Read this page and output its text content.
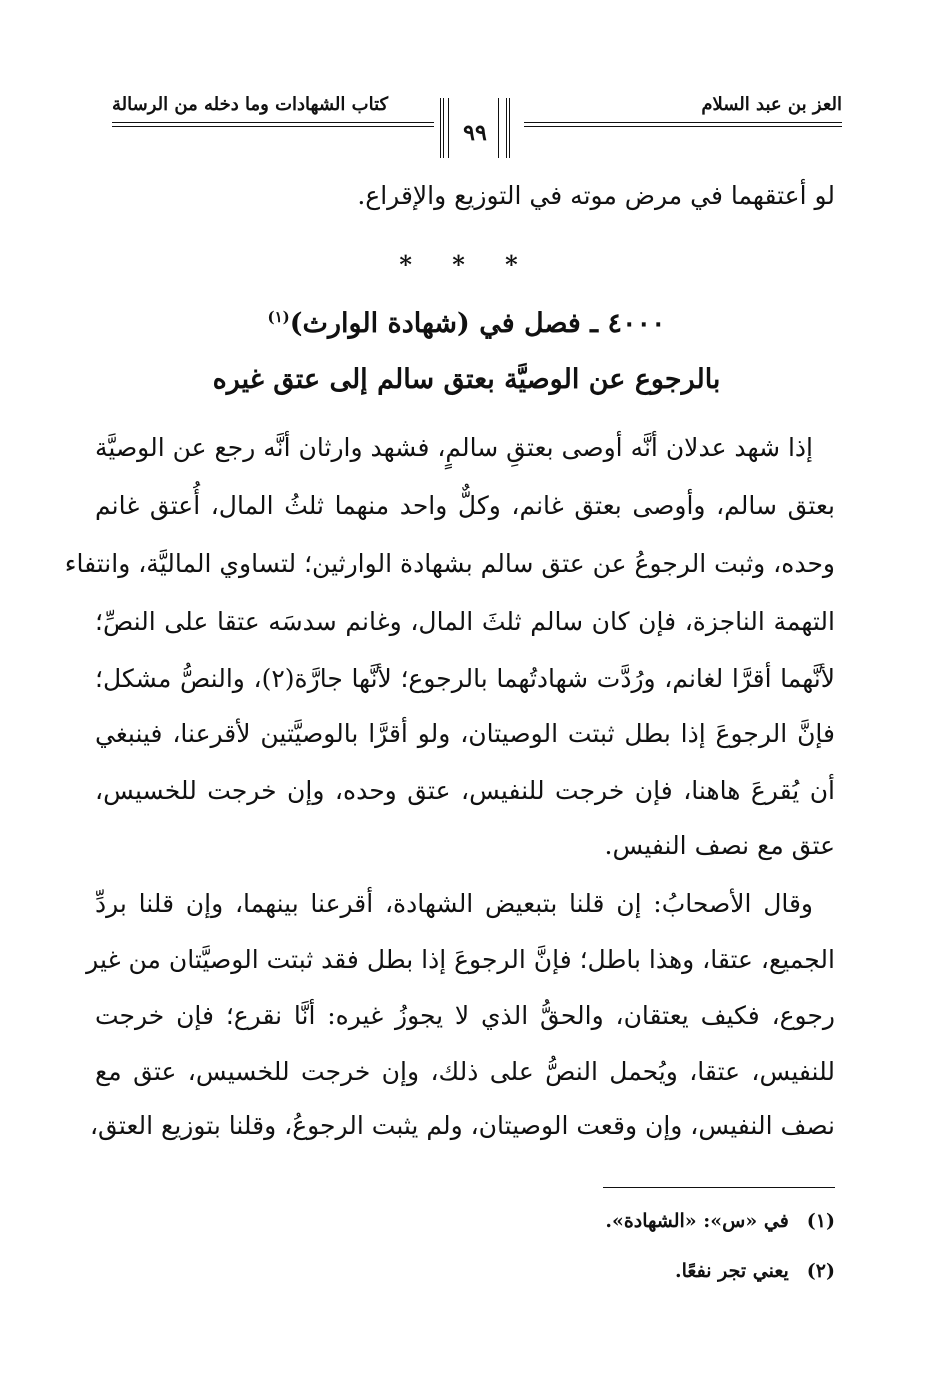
العز بن عبد السلام
كتاب الشهادات وما دخله من الرسالة
٩٩
لو أعتقهما في مرض موته في التوزيع والإقراع.
* * *
٤٠٠٠ ـ فصل في (شهادة الوارث)$^{(١)}$
بالرجوع عن الوصيَّة بعتق سالم إلى عتق غيره
إذا شهد عدلان أنَّه أوصى بعتقِ سالمٍ، فشهد وارثان أنَّه رجع عن الوصيَّة
بعتق سالم، وأوصى بعتق غانم، وكلٌّ واحد منهما ثلثُ المال، أُعتق غانم
وحده، وثبت الرجوعُ عن عتق سالم بشهادة الوارثين؛ لتساوي الماليَّة، وانتفاء
التهمة الناجزة، فإن كان سالم ثلثَ المال، وغانم سدسَه عتقا على النصِّ؛
لأنَّهما أقرَّا لغانم، ورُدَّت شهادتُهما بالرجوع؛ لأنَّها جارَّة(٢)، والنصُّ مشكل؛
فإنَّ الرجوعَ إذا بطل ثبتت الوصيتان، ولو أقرَّا بالوصيَّتين لأقرعنا، فينبغي
أن يُقرعَ هاهنا، فإن خرجت للنفيس، عتق وحده، وإن خرجت للخسيس،
عتق مع نصف النفيس.
وقال الأصحابُ: إن قلنا بتبعيض الشهادة، أقرعنا بينهما، وإن قلنا بردِّ
الجميع، عتقا، وهذا باطل؛ فإنَّ الرجوعَ إذا بطل فقد ثبتت الوصيَّتان من غير
رجوع، فكيف يعتقان، والحقُّ الذي لا يجوزُ غيره: أنَّا نقرع؛ فإن خرجت
للنفيس، عتقا، ويُحمل النصُّ على ذلك، وإن خرجت للخسيس، عتق مع
نصف النفيس، وإن وقعت الوصيتان، ولم يثبت الرجوعُ، وقلنا بتوزيع العتق،
(١)في «س»: «الشهادة».
(٢)يعني تجر نفعًا.
